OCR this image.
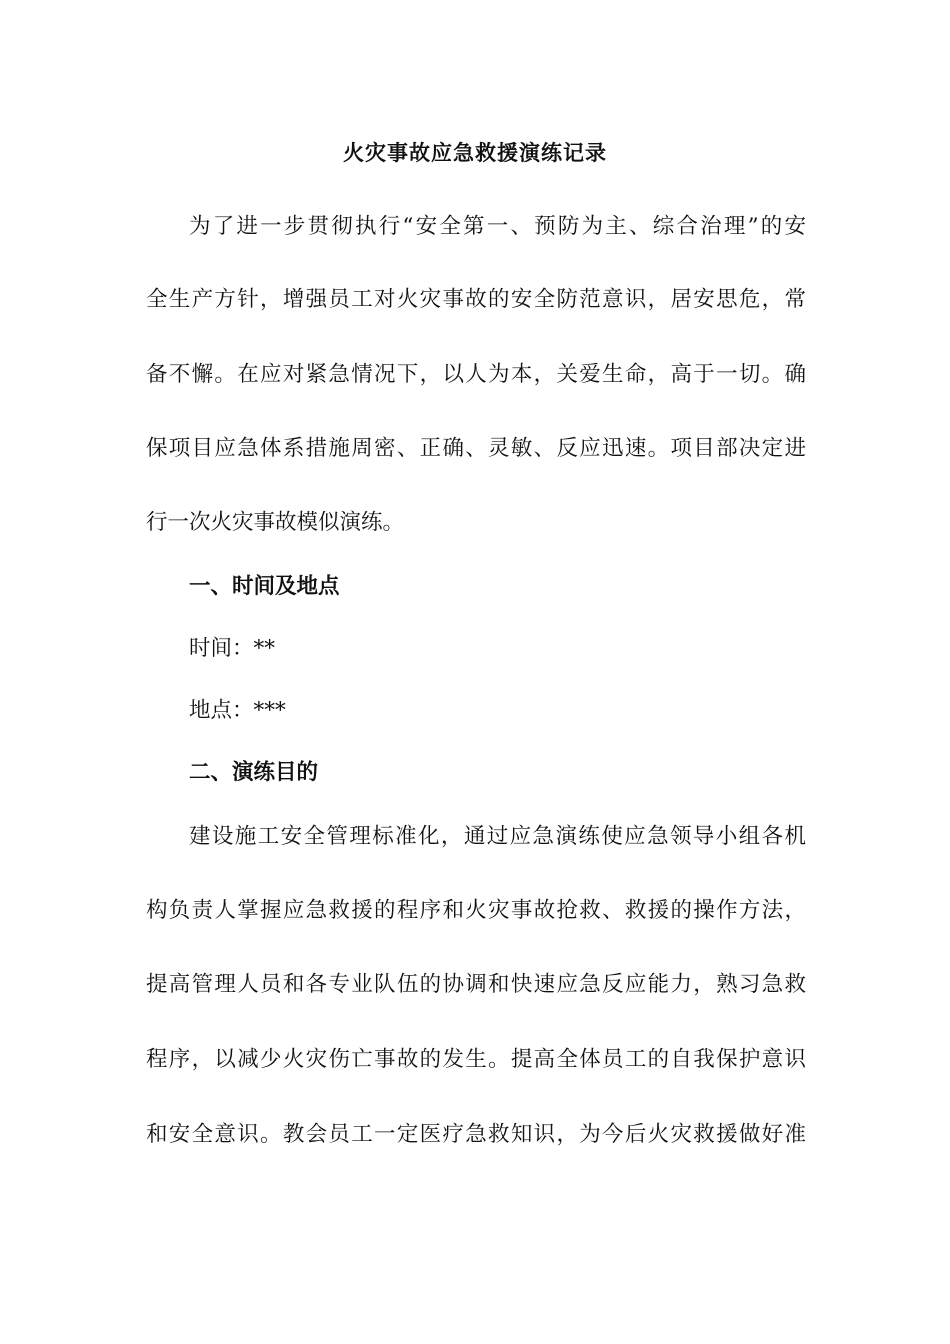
火灾事故应急救援演练记录
为了进一步贯彻执行“安全第一、预防为主、综合治理”的安
全生产方针，增强员工对火灾事故的安全防范意识，居安思危，常
备不懈。在应对紧急情况下，以人为本，关爱生命，高于一切。确
保项目应急体系措施周密、正确、灵敏、反应迅速。项目部决定进
行一次火灾事故模似演练。
一、时间及地点
时间：**
地点：***
二、演练目的
建设施工安全管理标准化，通过应急演练使应急领导小组各机
构负责人掌握应急救援的程序和火灾事故抢救、救援的操作方法，
提高管理人员和各专业队伍的协调和快速应急反应能力，熟习急救
程序，以减少火灾伤亡事故的发生。提高全体员工的自我保护意识
和安全意识。教会员工一定医疗急救知识，为今后火灾救援做好准
